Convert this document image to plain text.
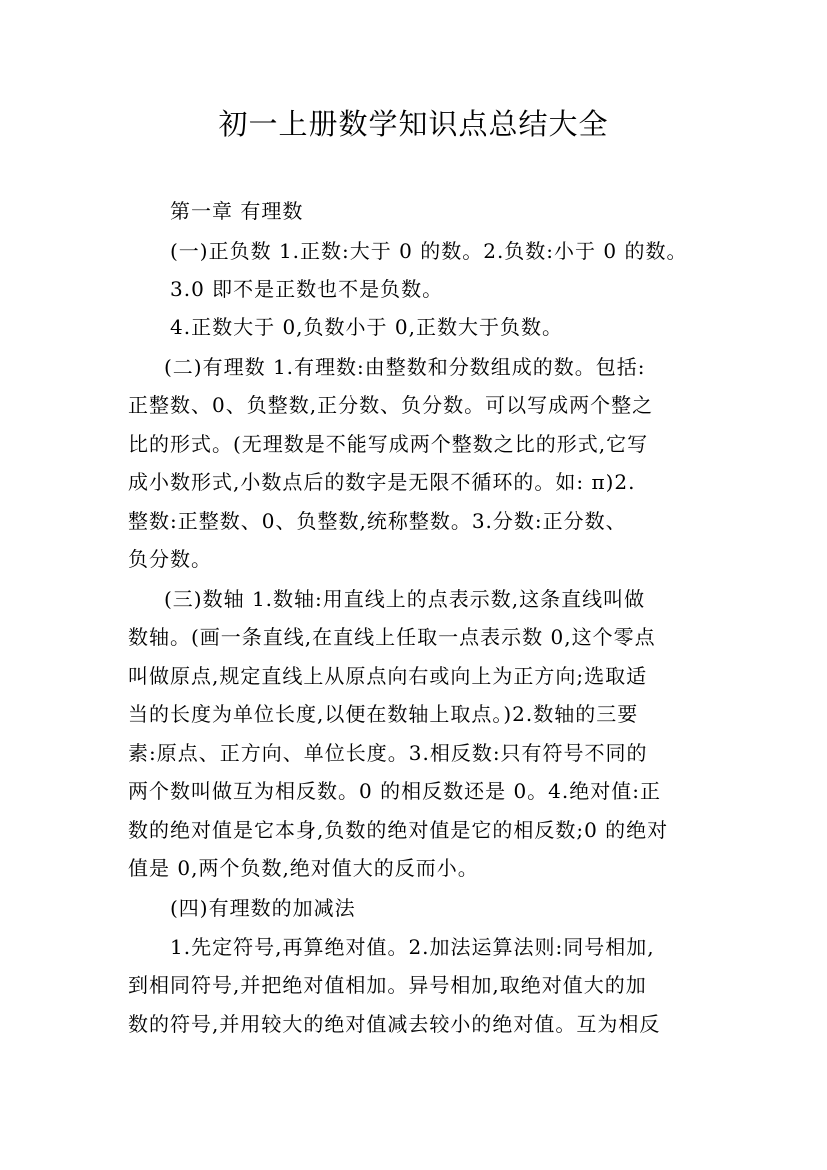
初一上册数学知识点总结大全

第一章 有理数

(一)正负数 1.正数:大于 0 的数。2.负数:小于 0 的数。

3.0 即不是正数也不是负数。

4.正数大于 0,负数小于 0,正数大于负数。

(二)有理数 1.有理数:由整数和分数组成的数。包括:

正整数、0、负整数,正分数、负分数。可以写成两个整之

比的形式。(无理数是不能写成两个整数之比的形式,它写

成小数形式,小数点后的数字是无限不循环的。如: π)2.

整数:正整数、0、负整数,统称整数。3.分数:正分数、

负分数。

(三)数轴 1.数轴:用直线上的点表示数,这条直线叫做

数轴。(画一条直线,在直线上任取一点表示数 0,这个零点

叫做原点,规定直线上从原点向右或向上为正方向;选取适

当的长度为单位长度,以便在数轴上取点。)2.数轴的三要

素:原点、正方向、单位长度。3.相反数:只有符号不同的

两个数叫做互为相反数。0 的相反数还是 0。4.绝对值:正

数的绝对值是它本身,负数的绝对值是它的相反数;0 的绝对

值是 0,两个负数,绝对值大的反而小。

(四)有理数的加减法

1.先定符号,再算绝对值。2.加法运算法则:同号相加,

到相同符号,并把绝对值相加。异号相加,取绝对值大的加

数的符号,并用较大的绝对值减去较小的绝对值。互为相反
